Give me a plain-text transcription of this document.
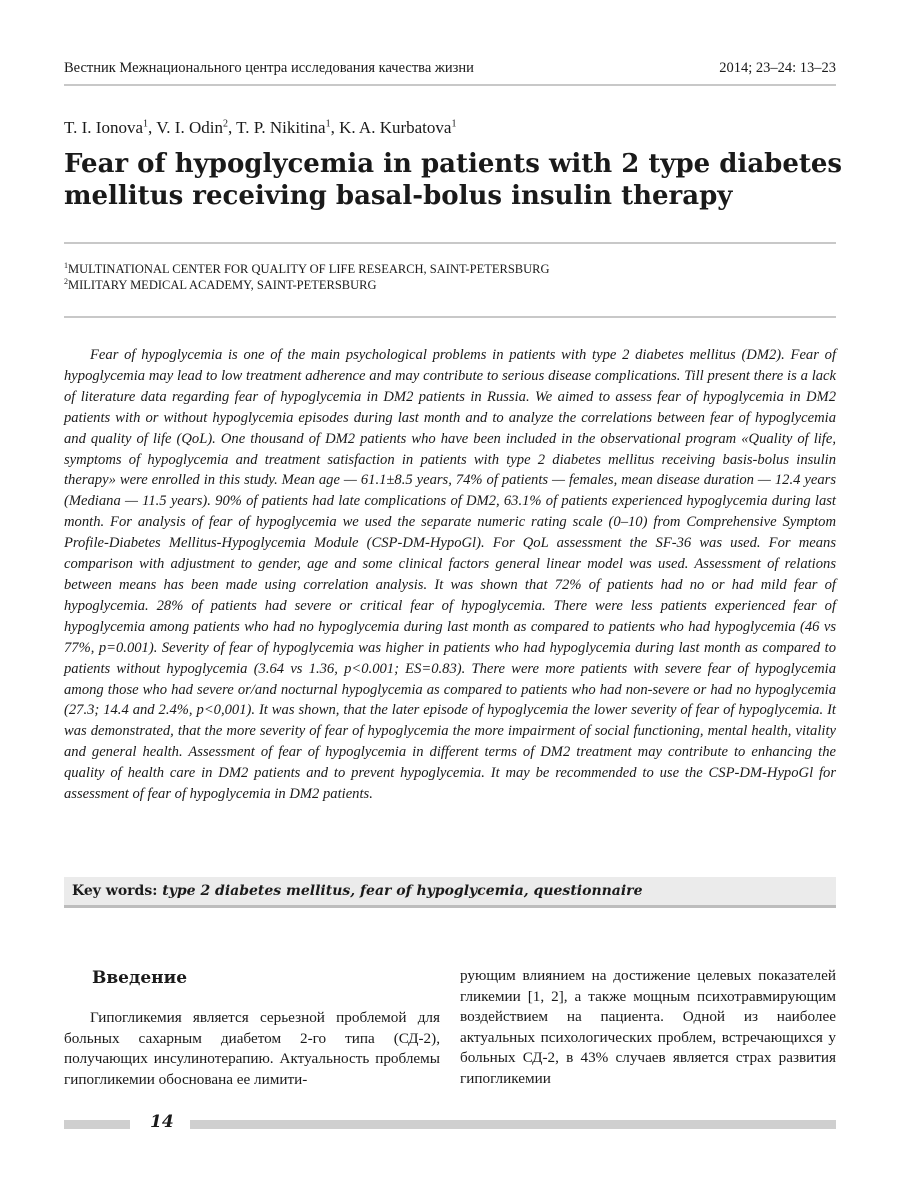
Вестник Межнационального центра исследования качества жизни	2014; 23–24: 13–23
T. I. Ionova$^1$, V. I. Odin$^2$, T. P. Nikitina$^1$, K. A. Kurbatova$^1$
Fear of hypoglycemia in patients with 2 type diabetes mellitus receiving basal-bolus insulin therapy
$^1$MULTINATIONAL CENTER FOR QUALITY OF LIFE RESEARCH, SAINT-PETERSBURG
$^2$MILITARY MEDICAL ACADEMY, SAINT-PETERSBURG

Fear of hypoglycemia is one of the main psychological problems in patients with type 2 diabetes mellitus (DM2). Fear of hypoglycemia may lead to low treatment adherence and may contribute to serious disease complications. Till present there is a lack of literature data regarding fear of hypoglycemia in DM2 patients in Russia. We aimed to assess fear of hypoglycemia in DM2 patients with or without hypoglycemia episodes during last month and to analyze the correlations between fear of hypoglycemia and quality of life (QoL). One thousand of DM2 patients who have been included in the observational program «Quality of life, symptoms of hypoglycemia and treatment satisfaction in patients with type 2 diabetes mellitus receiving basis-bolus insulin therapy» were enrolled in this study. Mean age — 61.1±8.5 years, 74% of patients — females, mean disease duration — 12.4 years (Mediana — 11.5 years). 90% of patients had late complications of DM2, 63.1% of patients experienced hypoglycemia during last month. For analysis of fear of hypoglycemia we used the separate numeric rating scale (0–10) from Comprehensive Symptom Profile-Diabetes Mellitus-Hypoglycemia Module (CSP-DM-HypoGl). For QoL assessment the SF-36 was used. For means comparison with adjustment to gender, age and some clinical factors general linear model was used. Assessment of relations between means has been made using correlation analysis. It was shown that 72% of patients had no or had mild fear of hypoglycemia. 28% of patients had severe or critical fear of hypoglycemia. There were less patients experienced fear of hypoglycemia among patients who had no hypoglycemia during last month as compared to patients who had hypoglycemia (46 vs 77%, p=0.001). Severity of fear of hypoglycemia was higher in patients who had hypoglycemia during last month as compared to patients without hypoglycemia (3.64 vs 1.36, p<0.001; ES=0.83). There were more patients with severe fear of hypoglycemia among those who had severe or/and nocturnal hypoglycemia as compared to patients who had non-severe or had no hypoglycemia (27.3; 14.4 and 2.4%, p<0,001). It was shown, that the later episode of hypoglycemia the lower severity of fear of hypoglycemia. It was demonstrated, that the more severity of fear of hypoglycemia the more impairment of social functioning, mental health, vitality and general health. Assessment of fear of hypoglycemia in different terms of DM2 treatment may contribute to enhancing the quality of health care in DM2 patients and to prevent hypoglycemia. It may be recommended to use the CSP-DM-HypoGl for assessment of fear of hypoglycemia in DM2 patients.

Key words: type 2 diabetes mellitus, fear of hypoglycemia, questionnaire
Введение

Гипогликемия является серьезной проблемой для больных сахарным диабетом 2-го типа (СД-2), получающих инсулинотерапию. Актуальность проблемы гипогликемии обоснована ее лимити-

рующим влиянием на достижение целевых показателей гликемии [1, 2], а также мощным психотравмирующим воздействием на пациента. Одной из наиболее актуальных психологических проблем, встречающихся у больных СД-2, в 43% случаев является страх развития гипогликемии

14
